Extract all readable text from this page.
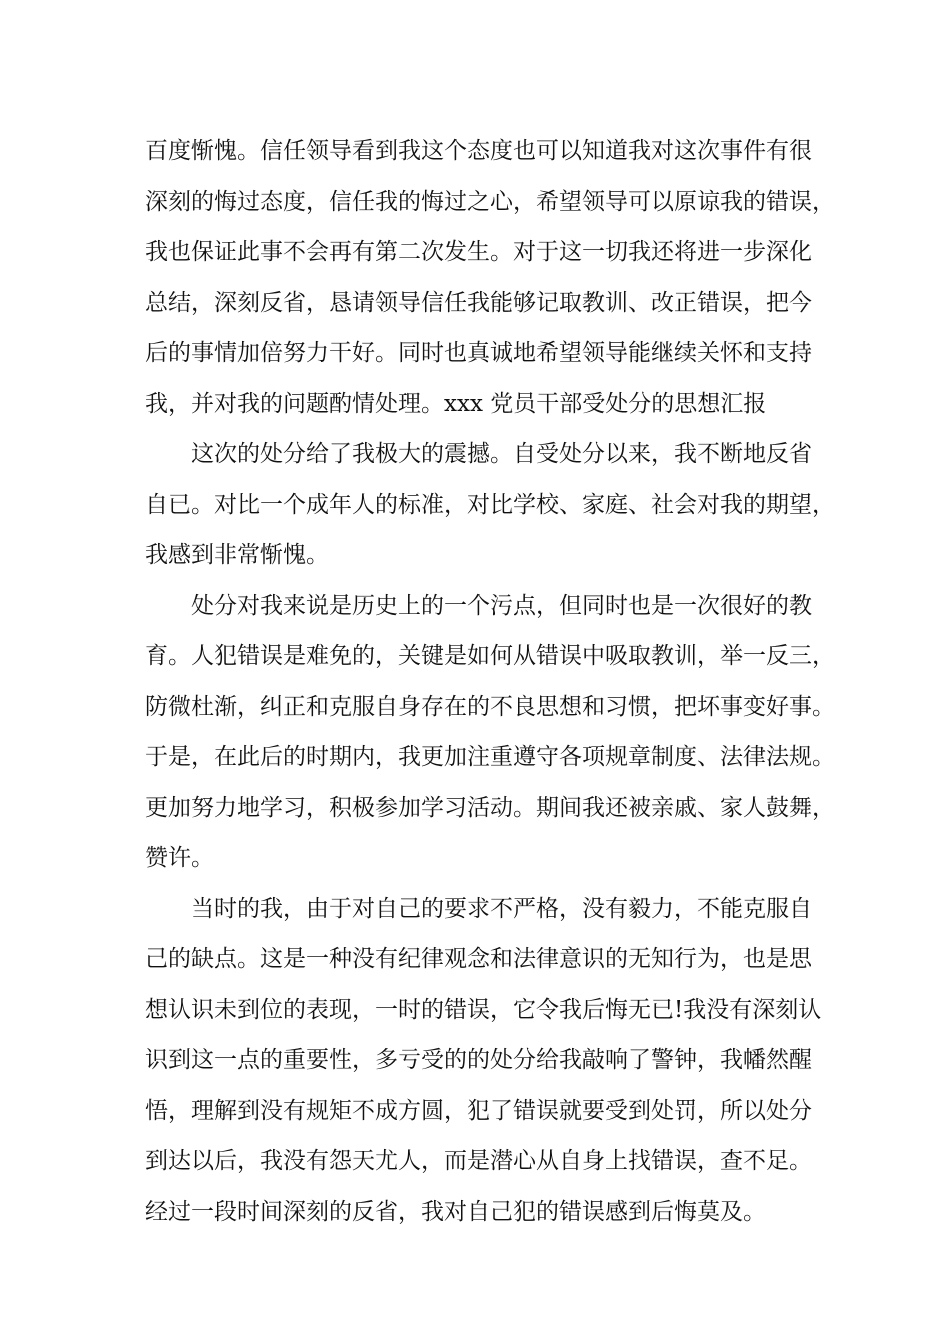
百度惭愧。信任领导看到我这个态度也可以知道我对这次事件有很
深刻的悔过态度，信任我的悔过之心，希望领导可以原谅我的错误，
我也保证此事不会再有第二次发生。对于这一切我还将进一步深化
总结，深刻反省，恳请领导信任我能够记取教训、改正错误，把今
后的事情加倍努力干好。同时也真诚地希望领导能继续关怀和支持
我，并对我的问题酌情处理。xxx 党员干部受处分的思想汇报
这次的处分给了我极大的震撼。自受处分以来，我不断地反省
自已。对比一个成年人的标准，对比学校、家庭、社会对我的期望，
我感到非常惭愧。
处分对我来说是历史上的一个污点，但同时也是一次很好的教
育。人犯错误是难免的，关键是如何从错误中吸取教训，举一反三，
防微杜渐，纠正和克服自身存在的不良思想和习惯，把坏事变好事。
于是，在此后的时期内，我更加注重遵守各项规章制度、法律法规。
更加努力地学习，积极参加学习活动。期间我还被亲戚、家人鼓舞，
赞许。
当时的我，由于对自己的要求不严格，没有毅力，不能克服自
己的缺点。这是一种没有纪律观念和法律意识的无知行为，也是思
想认识未到位的表现，一时的错误，它令我后悔无已!我没有深刻认
识到这一点的重要性，多亏受的的处分给我敲响了警钟，我幡然醒
悟，理解到没有规矩不成方圆，犯了错误就要受到处罚，所以处分
到达以后，我没有怨天尤人，而是潜心从自身上找错误，查不足。
经过一段时间深刻的反省，我对自己犯的错误感到后悔莫及。
